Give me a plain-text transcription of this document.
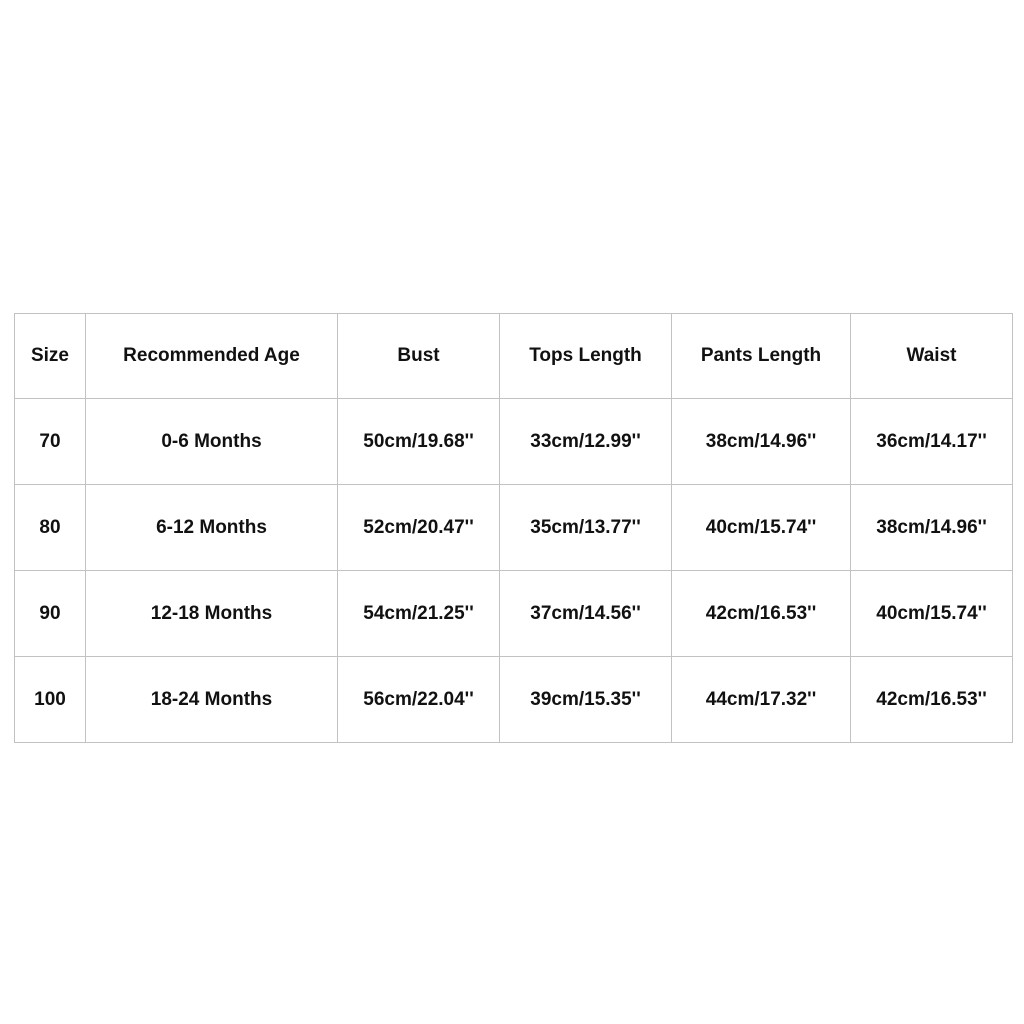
Size	Recommended Age	Bust	Tops Length	Pants Length	Waist
70	0-6 Months	50cm/19.68''	33cm/12.99''	38cm/14.96''	36cm/14.17''
80	6-12 Months	52cm/20.47''	35cm/13.77''	40cm/15.74''	38cm/14.96''
90	12-18 Months	54cm/21.25''	37cm/14.56''	42cm/16.53''	40cm/15.74''
100	18-24 Months	56cm/22.04''	39cm/15.35''	44cm/17.32''	42cm/16.53''
